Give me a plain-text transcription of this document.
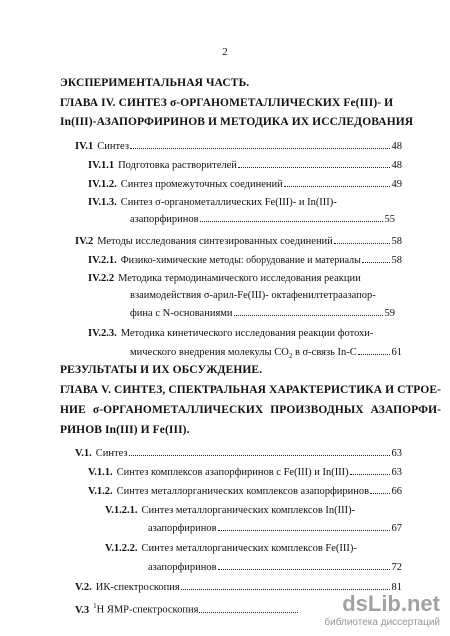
2
ЭКСПЕРИМЕНТАЛЬНАЯ ЧАСТЬ.
ГЛАВА IV. СИНТЕЗ σ-ОРГАНОМЕТАЛЛИЧЕСКИХ Fe(III)- И
In(III)-АЗАПОРФИРИНОВ И МЕТОДИКА ИХ ИССЛЕДОВАНИЯ
IV.1 Синтез	48
IV.1.1 Подготовка растворителей	48
IV.1.2. Синтез промежуточных соединений	49
IV.1.3. Синтез σ-органометаллических Fe(III)- и In(III)-
азапорфиринов	55
IV.2 Методы исследования синтезированных соединений	58
IV.2.1. Физико-химические методы: оборудование и материалы	58
IV.2.2 Методика термодинамического исследования реакции
взаимодействия σ-арил-Fe(III)- октафенилтетраазапор-
фина с N-основаниями	59
IV.2.3. Методика кинетического исследования реакции фотохи-
мического внедрения молекулы $CO_2$ в σ-связь In-C	61
РЕЗУЛЬТАТЫ И ИХ ОБСУЖДЕНИЕ.
ГЛАВА V. СИНТЕЗ, СПЕКТРАЛЬНАЯ ХАРАКТЕРИСТИКА И СТРОЕ-
НИЕ σ-ОРГАНОМЕТАЛЛИЧЕСКИХ ПРОИЗВОДНЫХ АЗАПОРФИ-
РИНОВ In(III) И Fe(III).
V.1. Синтез	63
V.1.1. Синтез комплексов азапорфиринов с Fe(III) и In(III)	63
V.1.2. Синтез металлорганических комплексов азапорфиринов 66
V.1.2.1. Синтез металлорганических комплексов In(III)-
азапорфиринов	67
V.1.2.2. Синтез металлорганических комплексов Fe(III)-
азапорфиринов	72
V.2. ИК-спектроскопия	81
V.3 $^1$Н ЯМР-спектроскопия	dsLib.net
библиотека диссертаций
